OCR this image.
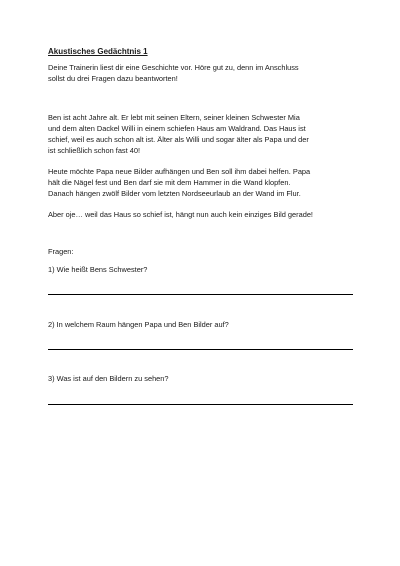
Akustisches Gedächtnis 1

Deine Trainerin liest dir eine Geschichte vor. Höre gut zu, denn im Anschluss
sollst du drei Fragen dazu beantworten!

Ben ist acht Jahre alt. Er lebt mit seinen Eltern, seiner kleinen Schwester Mia
und dem alten Dackel Willi in einem schiefen Haus am Waldrand. Das Haus ist
schief, weil es auch schon alt ist. Älter als Willi und sogar älter als Papa und der
ist schließlich schon fast 40!

Heute möchte Papa neue Bilder aufhängen und Ben soll ihm dabei helfen. Papa
hält die Nägel fest und Ben darf sie mit dem Hammer in die Wand klopfen.
Danach hängen zwölf Bilder vom letzten Nordseeurlaub an der Wand im Flur.

Aber oje… weil das Haus so schief ist, hängt nun auch kein einziges Bild gerade!

Fragen:
1) Wie heißt Bens Schwester?
2) In welchem Raum hängen Papa und Ben Bilder auf?
3) Was ist auf den Bildern zu sehen?
